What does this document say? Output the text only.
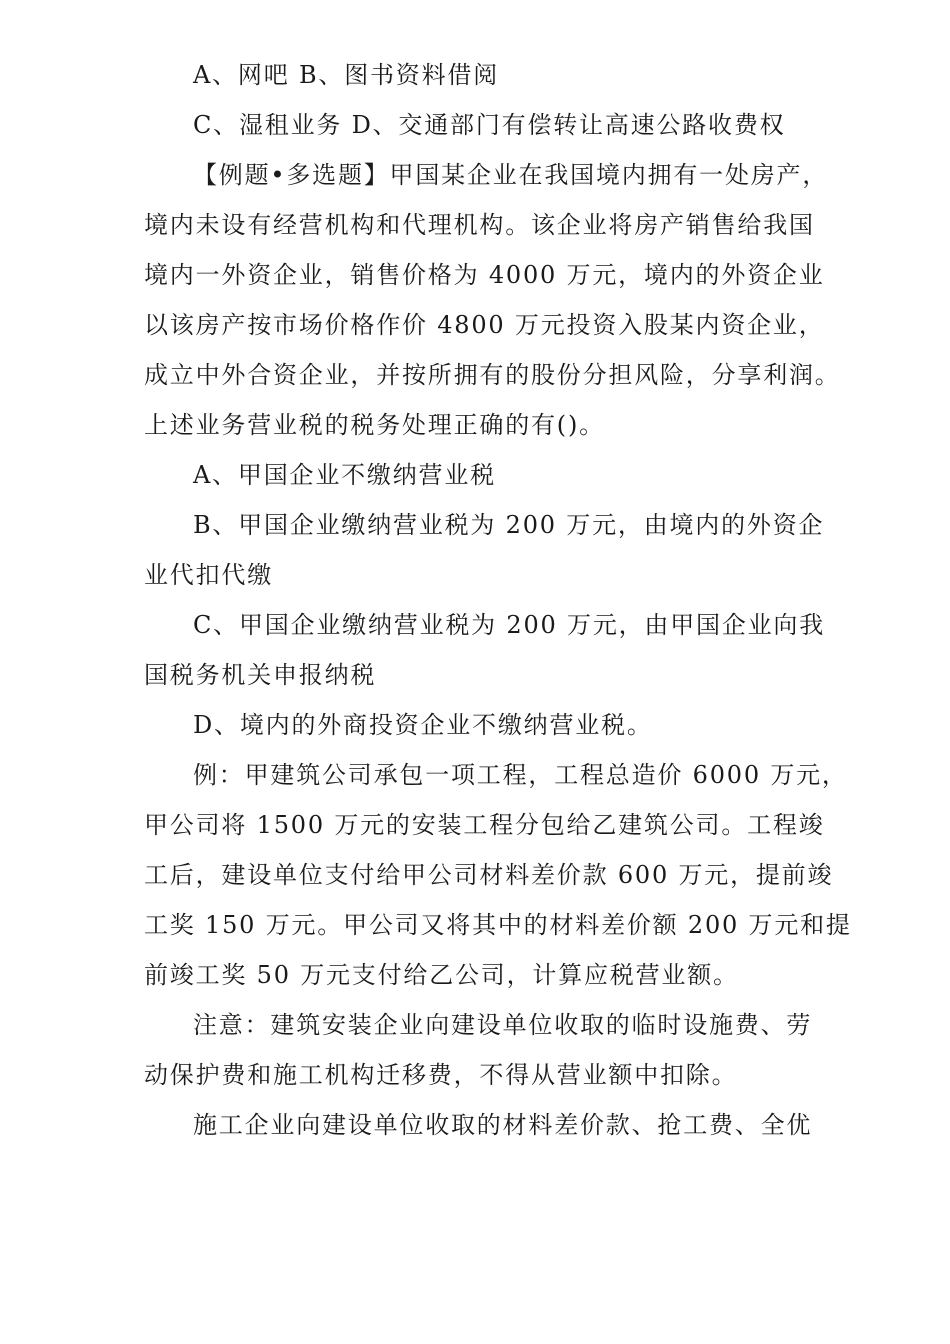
A、网吧 B、图书资料借阅
C、湿租业务 D、交通部门有偿转让高速公路收费权
【例题•多选题】甲国某企业在我国境内拥有一处房产，
境内未设有经营机构和代理机构。该企业将房产销售给我国
境内一外资企业，销售价格为 4000 万元，境内的外资企业
以该房产按市场价格作价 4800 万元投资入股某内资企业，
成立中外合资企业，并按所拥有的股份分担风险，分享利润。
上述业务营业税的税务处理正确的有()。
A、甲国企业不缴纳营业税
B、甲国企业缴纳营业税为 200 万元，由境内的外资企
业代扣代缴
C、甲国企业缴纳营业税为 200 万元，由甲国企业向我
国税务机关申报纳税
D、境内的外商投资企业不缴纳营业税。
例：甲建筑公司承包一项工程，工程总造价 6000 万元，
甲公司将 1500 万元的安装工程分包给乙建筑公司。工程竣
工后，建设单位支付给甲公司材料差价款 600 万元，提前竣
工奖 150 万元。甲公司又将其中的材料差价额 200 万元和提
前竣工奖 50 万元支付给乙公司，计算应税营业额。
注意：建筑安装企业向建设单位收取的临时设施费、劳
动保护费和施工机构迁移费，不得从营业额中扣除。
施工企业向建设单位收取的材料差价款、抢工费、全优
